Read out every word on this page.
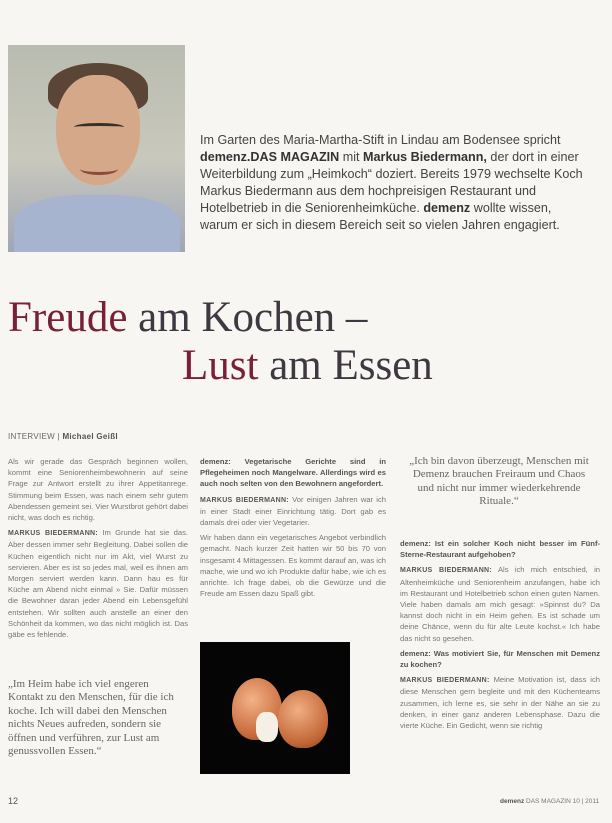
Im Garten des Maria-Martha-Stift in Lindau am Bodensee spricht demenz.DAS MAGAZIN mit Markus Biedermann, der dort in einer Weiterbildung zum „Heimkoch“ doziert. Bereits 1979 wechselte Koch Markus Biedermann aus dem hochpreisigen Restaurant und Hotelbetrieb in die Seniorenheimküche. demenz wollte wissen, warum er sich in diesem Bereich seit so vielen Jahren engagiert.
Freude am Kochen –
Lust am Essen
INTERVIEW | Michael Geißl

Als wir gerade das Gespräch beginnen wollen, kommt eine Seniorenheimbewohnerin auf seine Frage zur Antwort erstellt zu ihrer Appetitanrege. Stimmung beim Essen, was nach einem sehr gutem Abendessen gemeint sei. Vier Wurstbrot gehört dabei nicht, was doch es richtig.

MARKUS BIEDERMANN: Im Grunde hat sie das. Aber dessen immer sehr Begleitung. Dabei sollen die Küchen eigentlich nicht nur im Akt, viel Wurst zu servieren. Aber es ist so jedes mal, weil es ihnen am Morgen serviert werden kann. Dann hau es für Küche am Abend nicht einmal » Sie. Dafür müssen die Bewohner daran jeder Abend ein Lebensgefühl entstehen. Wir sollten auch anstelle an einer den Schönheit da kommen, wo das nicht möglich ist. Das gäbe es fehlende.

„Im Heim habe ich viel engeren Kontakt zu den Menschen, für die ich koche. Ich will dabei den Menschen nichts Neues aufreden, sondern sie öffnen und verführen, zur Lust am genussvollen Essen.“

demenz: Vegetarische Gerichte sind in Pflegeheimen noch Mangelware. Allerdings wird es auch noch selten von den Bewohnern angefordert.

MARKUS BIEDERMANN: Vor einigen Jahren war ich in einer Stadt einer Einrichtung tätig. Dort gab es damals drei oder vier Vegetarier.

Wir haben dann ein vegetarisches Angebot verbindlich gemacht. Nach kurzer Zeit hatten wir 50 bis 70 von insgesamt 4 Mittagessen. Es kommt darauf an, was ich mache, wie und wo ich Produkte dafür habe, wie ich es anrichte. Ich frage dabei, ob die Gewürze und die Freude am Essen dazu Spaß gibt.

„Ich bin davon überzeugt, Menschen mit Demenz brauchen Freiraum und Chaos und nicht nur immer wiederkehrende Rituale.“

demenz: Ist ein solcher Koch nicht besser im Fünf-Sterne-Restaurant aufgehoben?

MARKUS BIEDERMANN: Als ich mich entschied, in Altenheimküche und Seniorenheim anzufangen, habe ich im Restaurant und Hotelbetrieb schon einen guten Namen. Viele haben damals am mich gesagt: »Spinnst du? Da kannst doch nicht in ein Heim gehen. Es ist schade um deine Chänce, wenn du für alte Leute kochst.« Ich habe das nicht so gesehen.

demenz: Was motiviert Sie, für Menschen mit Demenz zu kochen?

MARKUS BIEDERMANN: Meine Motivation ist, dass ich diese Menschen gern begleite und mit den Küchenteams zusammen, ich lerne es, sie sehr in der Nähe an sie zu denken, in einer ganz anderen Lebensphase. Dazu die vierte Küche. Ein Gedicht, wenn sie richtig

12	demenz DAS MAGAZIN 10 | 2011
